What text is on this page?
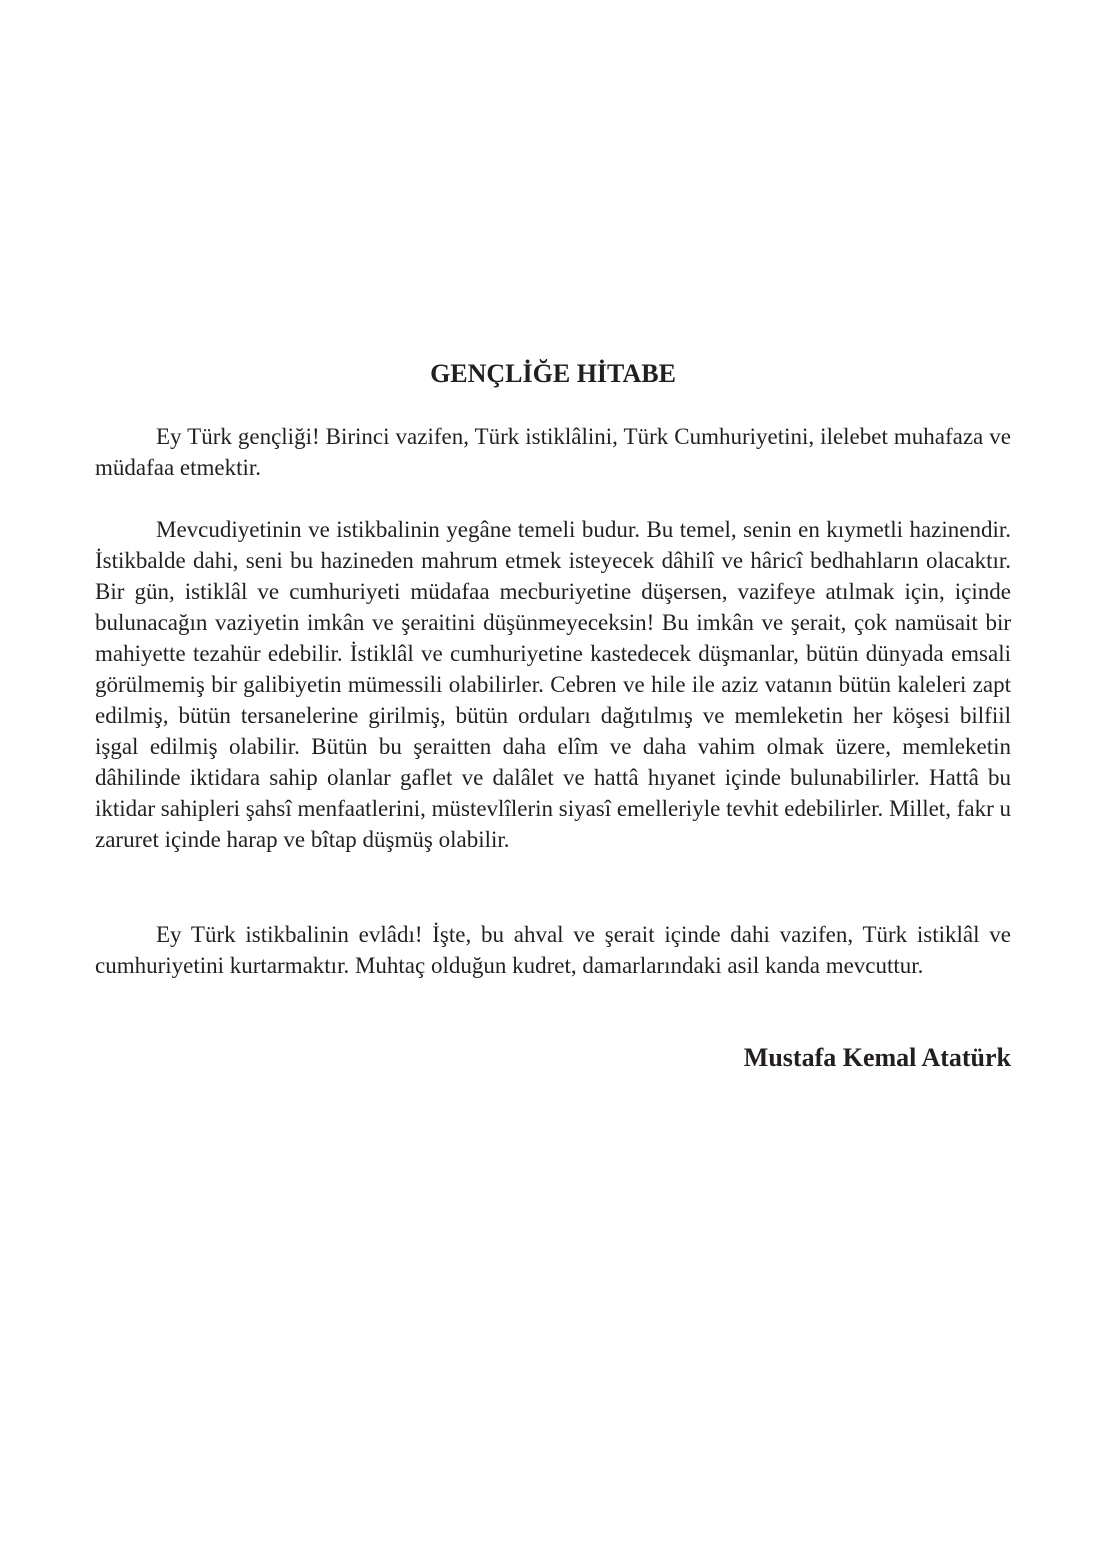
GENÇLİĞE HİTABE

Ey Türk gençliği! Birinci vazifen, Türk istiklâlini, Türk Cumhuriyetini, ilelebet muhafaza ve müdafaa etmektir.

Mevcudiyetinin ve istikbalinin yegâne temeli budur. Bu temel, senin en kıymetli hazinendir. İstikbalde dahi, seni bu hazineden mahrum etmek isteyecek dâhilî ve hâricî bedhahların olacaktır. Bir gün, istiklâl ve cumhuriyeti müdafaa mecburiyetine düşersen, vazifeye atılmak için, içinde bulunacağın vaziyetin imkân ve şeraitini düşünmeyeceksin! Bu imkân ve şerait, çok namüsait bir mahiyette tezahür edebilir. İstiklâl ve cumhuriyetine kastedecek düşmanlar, bütün dünyada emsali görülmemiş bir galibiyetin mümessili olabilirler. Cebren ve hile ile aziz vatanın bütün kaleleri zapt edilmiş, bütün tersanelerine girilmiş, bütün orduları dağıtılmış ve memleketin her köşesi bilfiil işgal edilmiş olabilir. Bütün bu şeraitten daha elîm ve daha vahim olmak üzere, memleketin dâhilinde iktidara sahip olanlar gaflet ve dalâlet ve hattâ hıyanet içinde bulunabilirler. Hattâ bu iktidar sahipleri şahsî menfaatlerini, müstevlîlerin siyasî emelleriyle tevhit edebilirler. Millet, fakr u zaruret içinde harap ve bîtap düşmüş olabilir.

Ey Türk istikbalinin evlâdı! İşte, bu ahval ve şerait içinde dahi vazifen, Türk istiklâl ve cumhuriyetini kurtarmaktır. Muhtaç olduğun kudret, damarlarındaki asil kanda mevcuttur.

Mustafa Kemal Atatürk
